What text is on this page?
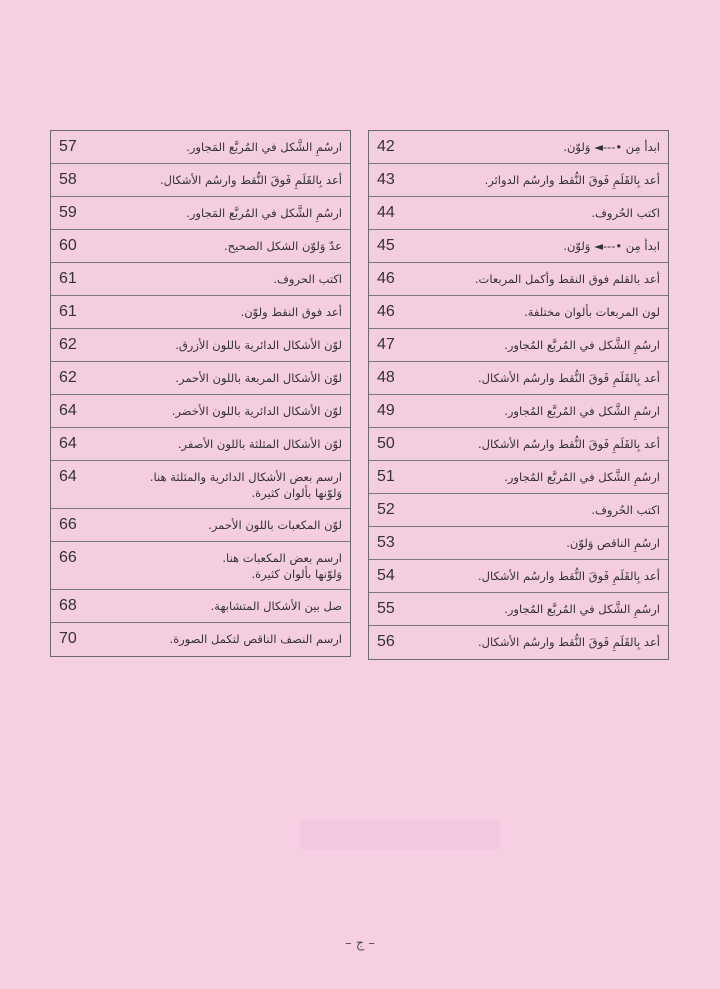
57	ارسُمِ الشَّكل في المُربَّع المَجاور.
58	أعد بِالقَلَمِ فَوقَ النُّقط وارسُم الأشكال.
59	ارسُمِ الشَّكل في المُربَّع المَجاور.
60	عدّ وَلوّن الشكل الصحيح.
61	اكتب الحروف.
61	أعد فوق النقط ولوّن.
62	لوّن الأشكال الدائرية باللون الأزرق.
62	لوّن الأشكال المربعة باللون الأحمر.
64	لوّن الأشكال الدائرية باللون الأخضر.
64	لوّن الأشكال المثلثة باللون الأصفر.
64	ارسم بعض الأشكال الدائرية والمثلثة هنا.
وَلوّنها بألوان كثيرة.
66	لوّن المكعبات باللون الأحمر.
66	ارسم بعض المكعبات هنا.
وَلوّنها بألوان كثيرة.
68	صل بين الأشكال المتشابهة.
70	ارسم النصف الناقص لتكمل الصورة.
42	ابدأ مِن •---◄ وَلوّن.
43	أعد بِالقَلَمِ فَوقَ النُّقط وارسُم الدوائر.
44	اكتب الحُروف.
45	ابدأ مِن •---◄ وَلوّن.
46	أعد بالقلم فوق النقط وأكمل المربعات.
46	لون المربعات بألوان مختلفة.
47	ارسُمِ الشَّكل في المُربَّع المُجاور.
48	أعد بِالقَلَمِ فَوقَ النُّقط وارسُم الأشكال.
49	ارسُمِ الشَّكل في المُربَّع المُجاور.
50	أعد بِالقَلَمِ فَوقَ النُّقط وارسُم الأشكال.
51	ارسُمِ الشَّكل في المُربَّع المُجاور.
52	اكتب الحُروف.
53	ارسُمِ الناقص وَلوّن.
54	أعد بِالقَلَمِ فَوقَ النُّقط وارسُم الأشكال.
55	ارسُمِ الشَّكل في المُربَّع المُجاور.
56	أعد بِالقَلَمِ فَوقَ النُّقط وارسُم الأشكال.
– ج –
